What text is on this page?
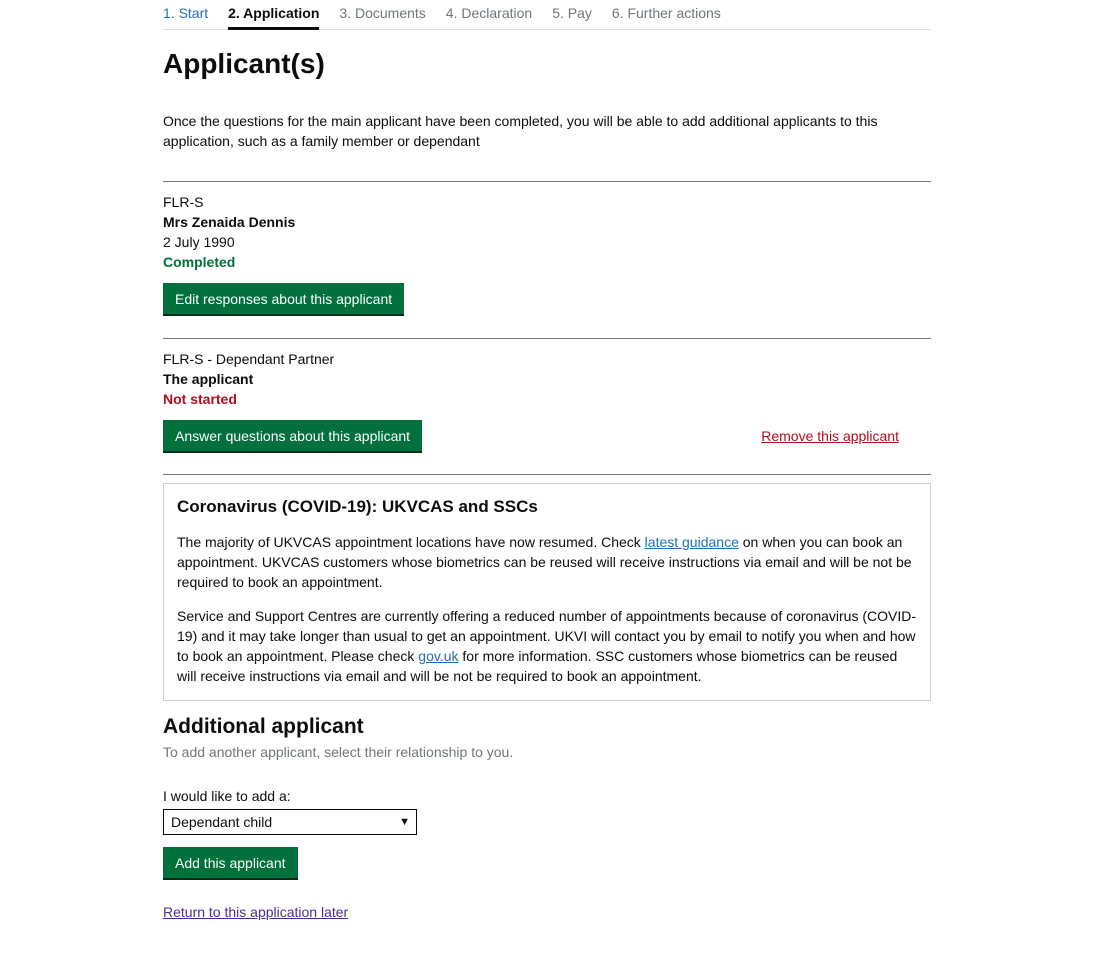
1. Start 2. Application 3. Documents 4. Declaration 5. Pay 6. Further actions
Applicant(s)

Once the questions for the main applicant have been completed, you will be able to add additional applicants to this application, such as a family member or dependant

FLR-S
Mrs Zenaida Dennis
2 July 1990
Completed
Edit responses about this applicant
FLR-S - Dependant Partner
The applicant
Not started
Answer questions about this applicant	Remove this applicant
Coronavirus (COVID-19): UKVCAS and SSCs

The majority of UKVCAS appointment locations have now resumed. Check latest guidance on when you can book an appointment. UKVCAS customers whose biometrics can be reused will receive instructions via email and will be not be required to book an appointment.

Service and Support Centres are currently offering a reduced number of appointments because of coronavirus (COVID-19) and it may take longer than usual to get an appointment. UKVI will contact you by email to notify you when and how to book an appointment. Please check gov.uk for more information. SSC customers whose biometrics can be reused will receive instructions via email and will be not be required to book an appointment.

Additional applicant
To add another applicant, select their relationship to you.
I would like to add a:
Dependant child	▼
Add this applicant
Return to this application later
